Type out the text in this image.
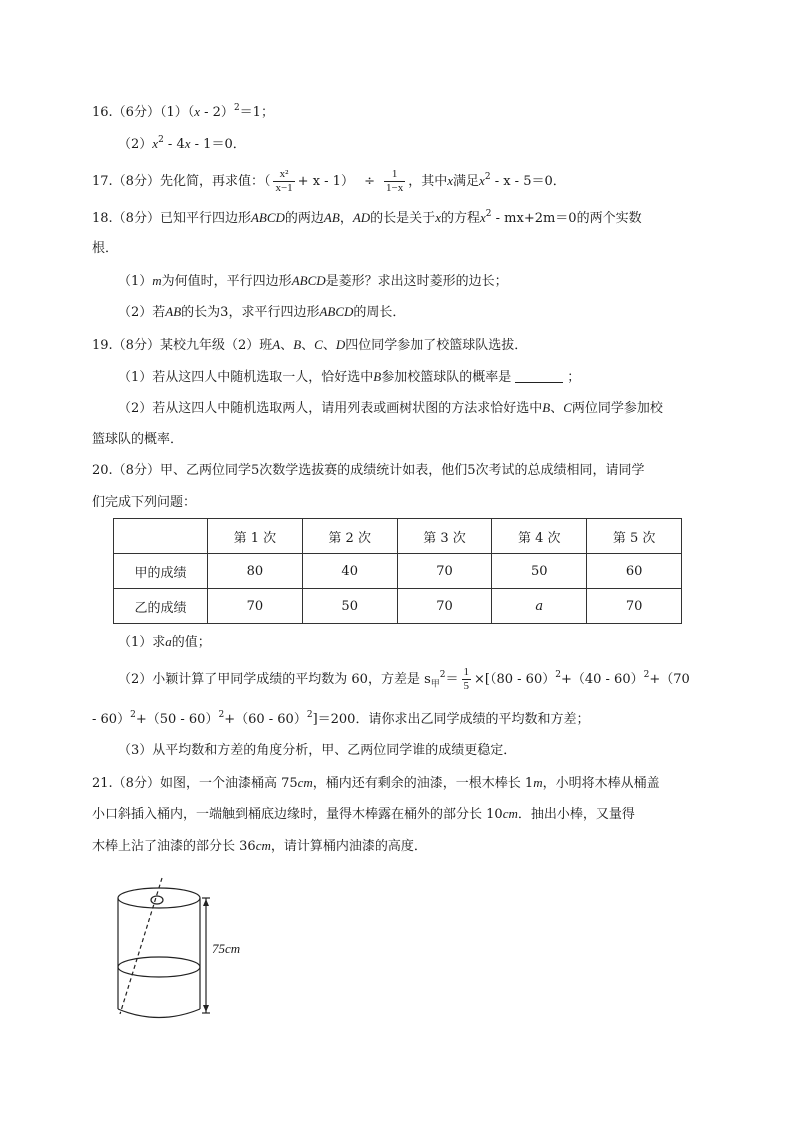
16.（6分）（1）（x - 2）$^2$＝1；
$(2)x^2 - 4x - 1=0$．
17.（8分）先化简，再求值：（ $\frac{\text{x²}}{x-1} + x - 1) \div \frac{1}{1-x}$ ，其中x满足$x^2 - x - 5=0$．
18.（8分）已知平行四边形ABCD的两边AB，AD的长是关于x的方程$x^2 - mx+2m=0$的两个实数
根．
（1）m为何值时，平行四边形ABCD是菱形？求出这时菱形的边长；
（2）若AB的长为3，求平行四边形ABCD的周长．
19.（8分）某校九年级（2）班A、B、C、D四位同学参加了校篮球队选拔．
（1）若从这四人中随机选取一人，恰好选中B参加校篮球队的概率是	；
（2）若从这四人中随机选取两人，请用列表或画树状图的方法求恰好选中B、C两位同学参加校
篮球队的概率．
20.（8分）甲、乙两位同学5次数学选拔赛的成绩统计如表，他们5次考试的总成绩相同，请同学
们完成下列问题：
	第 1 次	第 2 次	第 3 次	第 4 次	第 5 次
甲的成绩	80	40	70	50	60
乙的成绩	70	50	70	a	70
（1）求a的值；
（2）小颖计算了甲同学成绩的平均数为 60，方差是 $s_甲^2= \frac{1}{5} \times[(80 - 60)^2+(40 - 60)^2+(70$
- 60）$^2$+（50 - 60）$^2$+（60 - 60）$^2$]＝200．请你求出乙同学成绩的平均数和方差；
（3）从平均数和方差的角度分析，甲、乙两位同学谁的成绩更稳定．
21.（8分）如图，一个油漆桶高 75cm，桶内还有剩余的油漆，一根木棒长 1m，小明将木棒从桶盖
小口斜插入桶内，一端触到桶底边缘时，量得木棒露在桶外的部分长 10cm．抽出小棒，又量得
木棒上沾了油漆的部分长 36cm，请计算桶内油漆的高度．
75cm
